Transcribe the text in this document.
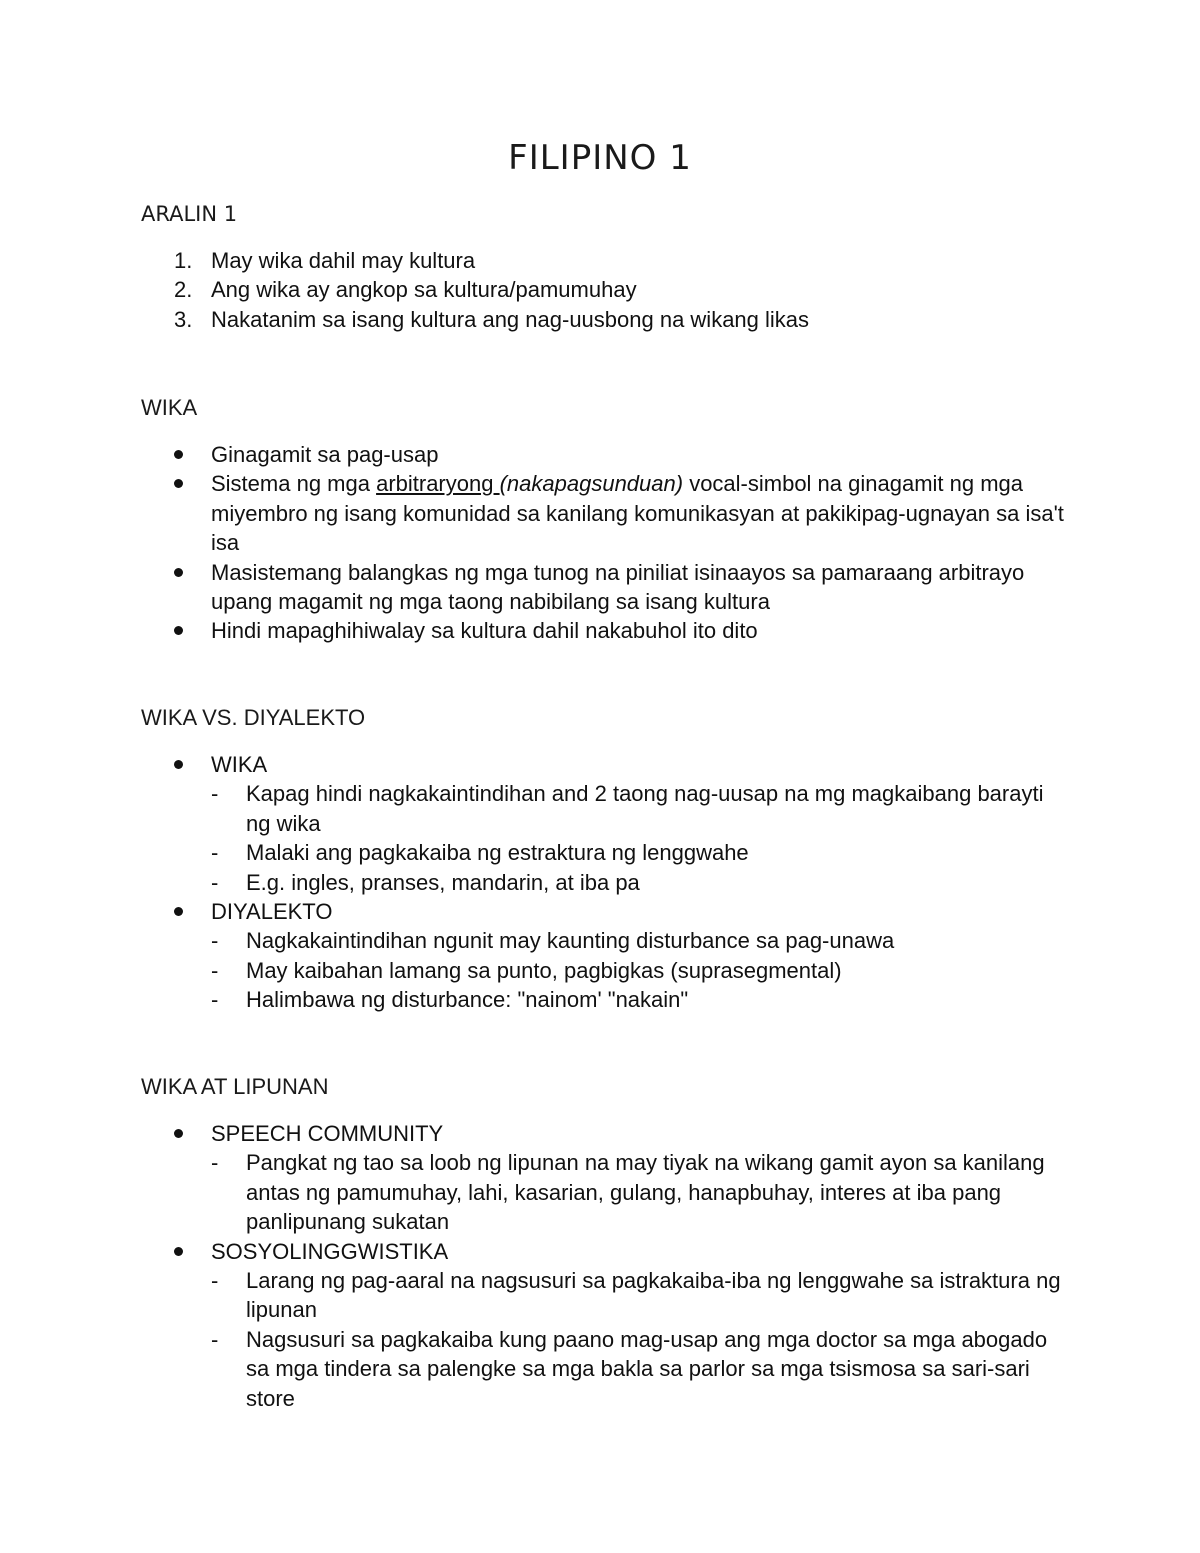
FILIPINO 1
ARALIN 1
1. May wika dahil may kultura
2. Ang wika ay angkop sa kultura/pamumuhay
3. Nakatanim sa isang kultura ang nag-uusbong na wikang likas
WIKA
Ginagamit sa pag-usap
Sistema ng mga arbitraryong (nakapagsunduan) vocal-simbol na ginagamit ng mga miyembro ng isang komunidad sa kanilang komunikasyan at pakikipag-ugnayan sa isa't isa
Masistemang balangkas ng mga tunog na piniliat isinaayos sa pamaraang arbitrayo upang magamit ng mga taong nabibilang sa isang kultura
Hindi mapaghihiwalay sa kultura dahil nakabuhol ito dito
WIKA VS. DIYALEKTO
WIKA
-	Kapag hindi nagkakaintindihan and 2 taong nag-uusap na mg magkaibang barayti ng wika
-	Malaki ang pagkakaiba ng estraktura ng lenggwahe
-	E.g. ingles, pranses, mandarin, at iba pa
DIYALEKTO
-	Nagkakaintindihan ngunit may kaunting disturbance sa pag-unawa
-	May kaibahan lamang sa punto, pagbigkas (suprasegmental)
-	Halimbawa ng disturbance: "nainom' "nakain"
WIKA AT LIPUNAN
SPEECH COMMUNITY
-	Pangkat ng tao sa loob ng lipunan na may tiyak na wikang gamit ayon sa kanilang antas ng pamumuhay, lahi, kasarian, gulang, hanapbuhay, interes at iba pang panlipunang sukatan
SOSYOLINGGWISTIKA
-	Larang ng pag-aaral na nagsusuri sa pagkakaiba-iba ng lenggwahe sa istraktura ng lipunan
-	Nagsusuri sa pagkakaiba kung paano mag-usap ang mga doctor sa mga abogado sa mga tindera sa palengke sa mga bakla sa parlor sa mga tsismosa sa sari-sari store
